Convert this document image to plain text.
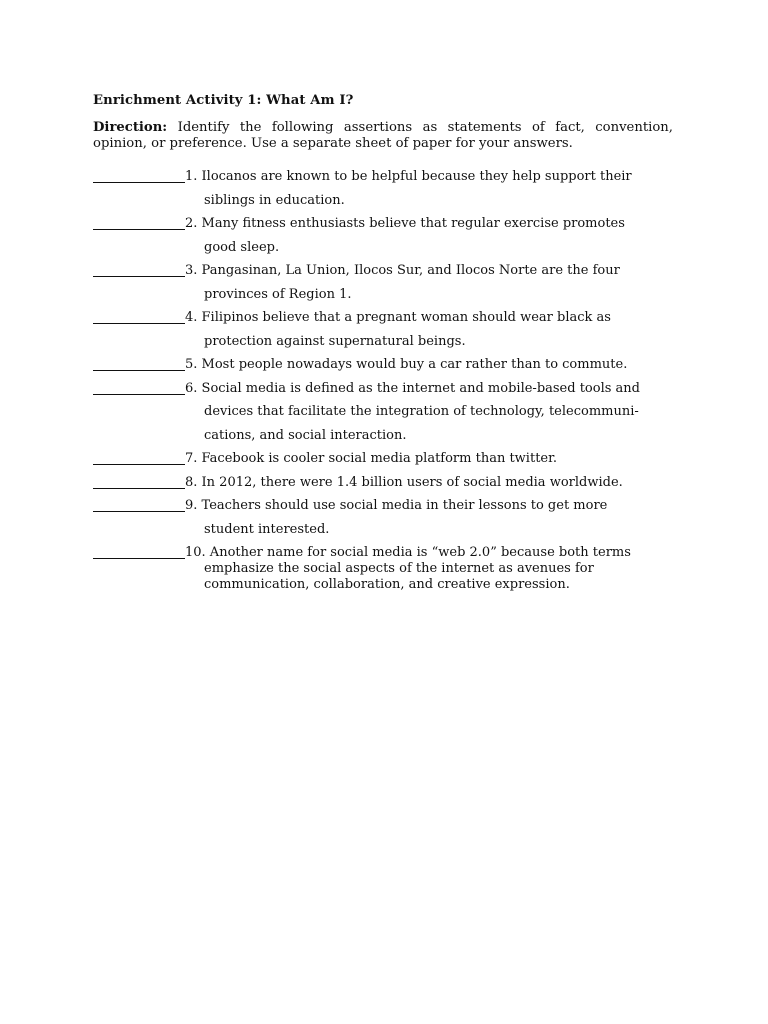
Enrichment Activity 1: What Am I?
Direction: Identify the following assertions as statements of fact, convention, opinion, or preference. Use a separate sheet of paper for your answers.
1. Ilocanos are known to be helpful because they help support their
siblings in education.
2. Many fitness enthusiasts believe that regular exercise promotes
good sleep.
3. Pangasinan, La Union, Ilocos Sur, and Ilocos Norte are the four
provinces of Region 1.
4. Filipinos believe that a pregnant woman should wear black as
protection against supernatural beings.
5. Most people nowadays would buy a car rather than to commute.
6. Social media is defined as the internet and mobile-based tools and
devices that facilitate the integration of technology, telecommuni-
cations, and social interaction.
7. Facebook is cooler social media platform than twitter.
8. In 2012, there were 1.4 billion users of social media worldwide.
9. Teachers should use social media in their lessons to get more
student interested.
10. Another name for social media is “web 2.0” because both terms
emphasize the social aspects of the internet as avenues for
communication, collaboration, and creative expression.
